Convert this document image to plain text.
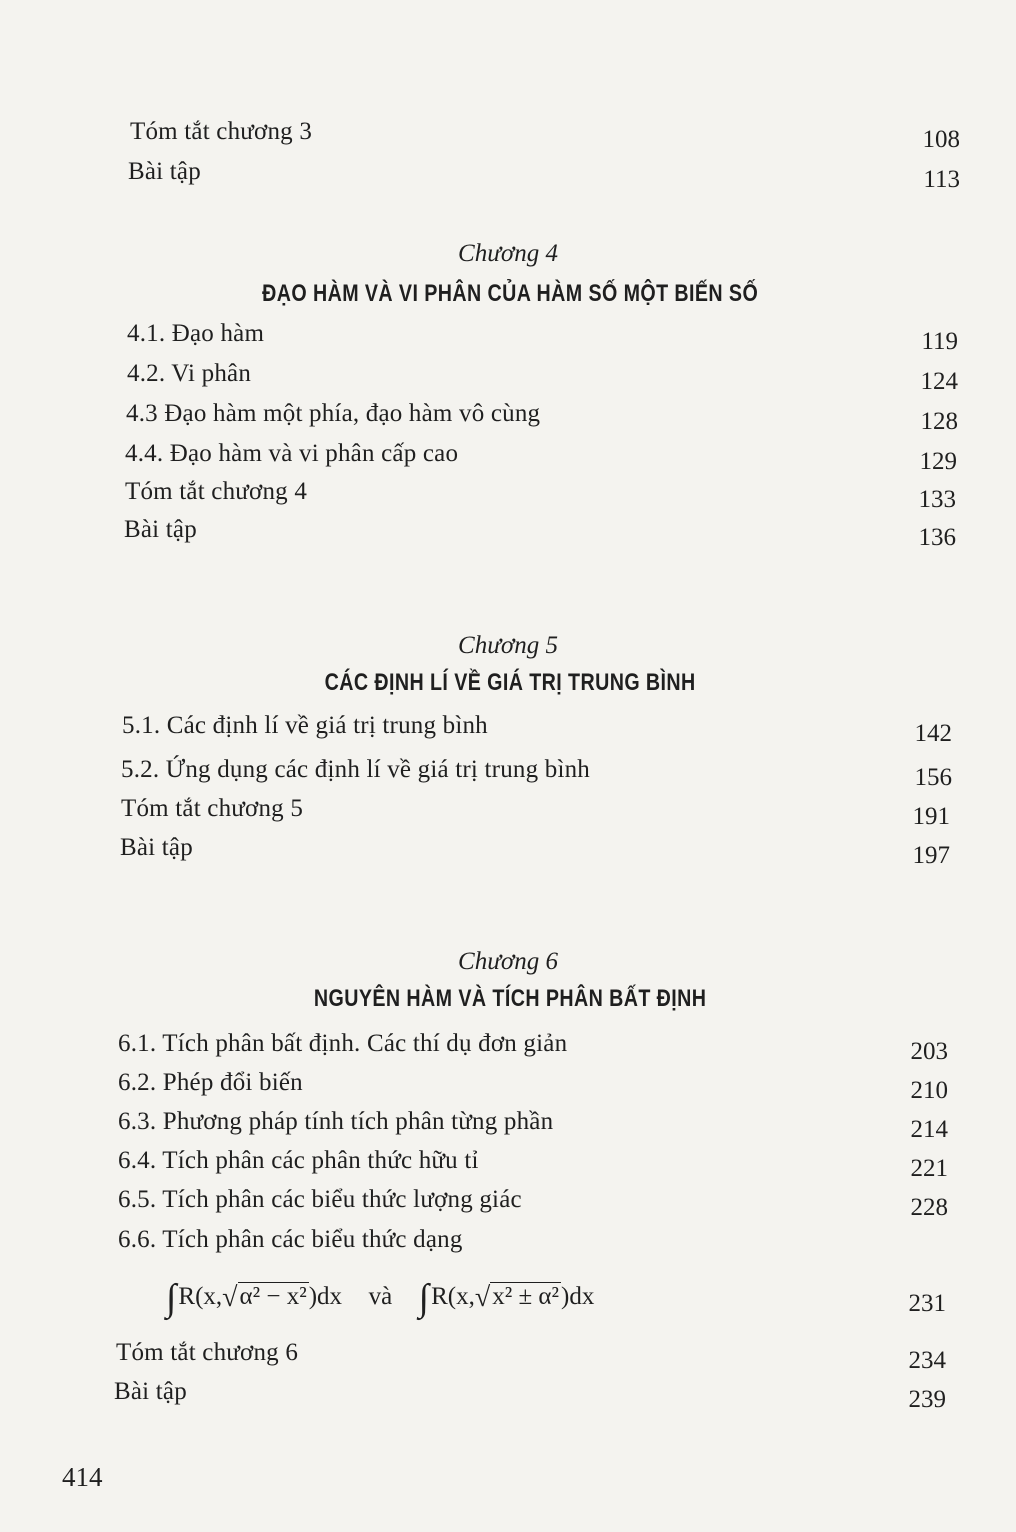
Tóm tắt chương 3	108
Bài tập	113
Chương 4
ĐẠO HÀM VÀ VI PHÂN CỦA HÀM SỐ MỘT BIẾN SỐ
4.1. Đạo hàm	119
4.2. Vi phân	124
4.3 Đạo hàm một phía, đạo hàm vô cùng	128
4.4. Đạo hàm và vi phân cấp cao	129
Tóm tắt chương 4	133
Bài tập	136
Chương 5
CÁC ĐỊNH LÍ VỀ GIÁ TRỊ TRUNG BÌNH
5.1. Các định lí về giá trị trung bình	142
5.2. Ứng dụng các định lí về giá trị trung bình	156
Tóm tắt chương 5	191
Bài tập	197
Chương 6
NGUYÊN HÀM VÀ TÍCH PHÂN BẤT ĐỊNH
6.1. Tích phân bất định. Các thí dụ đơn giản	203
6.2. Phép đổi biến	210
6.3. Phương pháp tính tích phân từng phần	214
6.4. Tích phân các phân thức hữu tỉ	221
6.5. Tích phân các biểu thức lượng giác	228
6.6. Tích phân các biểu thức dạng
∫R(x,√α² − x²)dx và ∫R(x,√x² ± α²)dx	231
Tóm tắt chương 6	234
Bài tập	239
414
